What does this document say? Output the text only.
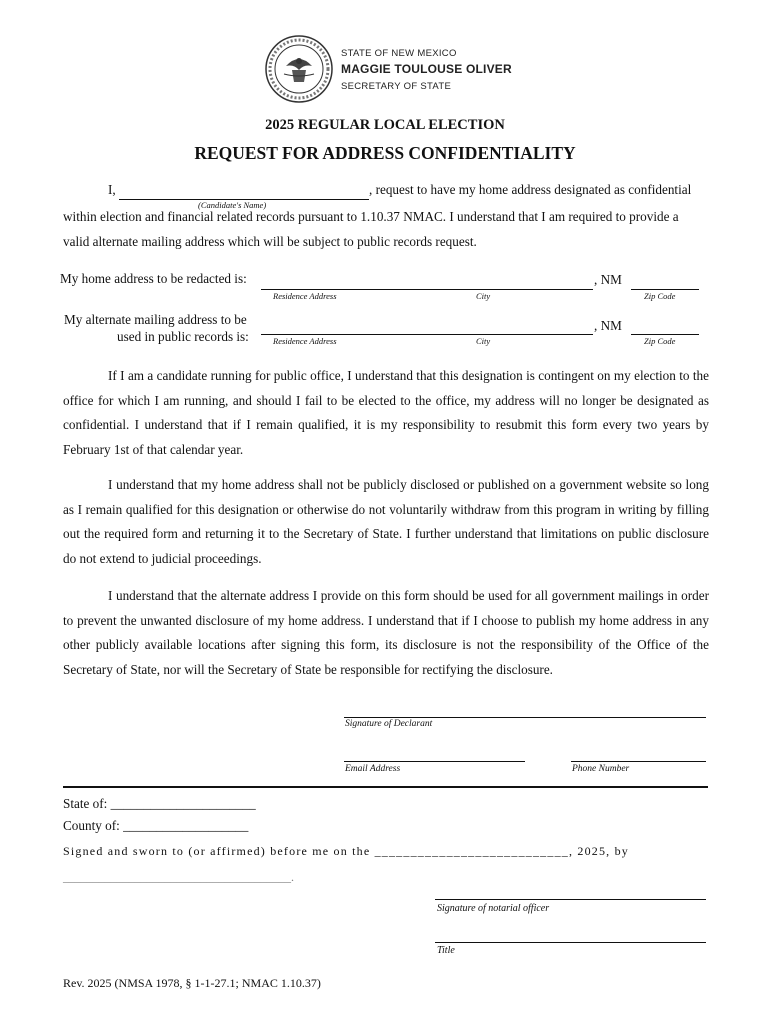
STATE OF NEW MEXICO
MAGGIE TOULOUSE OLIVER
SECRETARY OF STATE
2025 REGULAR LOCAL ELECTION
REQUEST FOR ADDRESS CONFIDENTIALITY
I,	, request to have my home address designated as confidential
(Candidate's Name)
within election and financial related records pursuant to 1.10.37 NMAC. I understand that I am required to provide a
valid alternate mailing address which will be subject to public records request.
My home address to be redacted is:	, NM
Residence Address	City	Zip Code
My alternate mailing address to be
used in public records is:
, NM
Residence Address	City	Zip Code
If I am a candidate running for public office, I understand that this designation is contingent on my election to the office for which I am running, and should I fail to be elected to the office, my address will no longer be designated as confidential. I understand that if I remain qualified, it is my responsibility to resubmit this form every two years by February 1st of that calendar year.
I understand that my home address shall not be publicly disclosed or published on a government website so long as I remain qualified for this designation or otherwise do not voluntarily withdraw from this program in writing by filling out the required form and returning it to the Secretary of State. I further understand that limitations on public disclosure do not extend to judicial proceedings.
I understand that the alternate address I provide on this form should be used for all government mailings in order to prevent the unwanted disclosure of my home address. I understand that if I choose to publish my home address in any other publicly available locations after signing this form, its disclosure is not the responsibility of the Office of the Secretary of State, nor will the Secretary of State be responsible for rectifying the disclosure.
Signature of Declarant
Email Address	Phone Number
State of: ______________________
County of: ___________________
Signed and sworn to (or affirmed) before me on the ___________________________, 2025, by
______________________________________.
Signature of notarial officer
Title
Rev. 2025 (NMSA 1978, § 1-1-27.1; NMAC 1.10.37)
